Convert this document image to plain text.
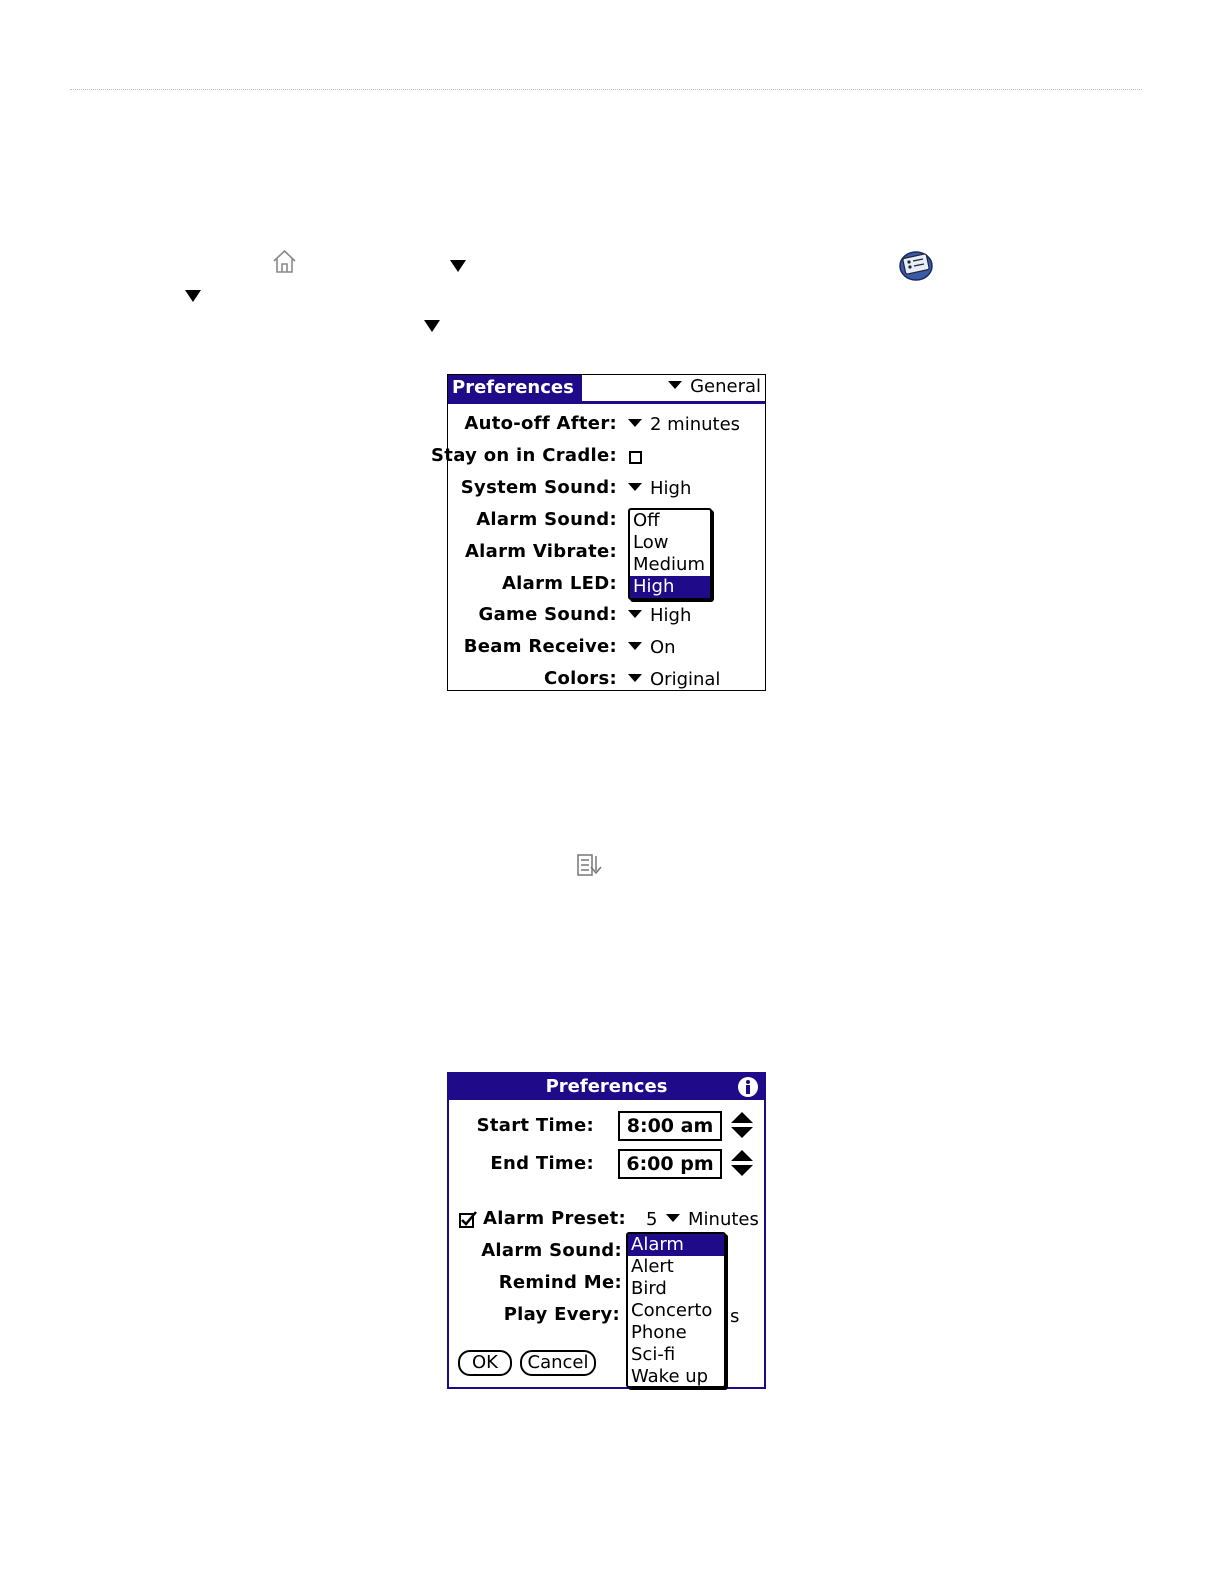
Preferences	General
Auto-off After:	2 minutes
Stay on in Cradle:
System Sound:	High
Alarm Sound:
Alarm Vibrate:
Alarm LED:
Off
Low
Medium
High
Game Sound:	High
Beam Receive:	On
Colors:	Original
Preferences
Start Time:	8:00 am
End Time:	6:00 pm
Alarm Preset: 5	Minutes
Alarm Sound:
Remind Me:
Play Every:	s
Alarm
Alert
Bird
Concerto
Phone
Sci-fi
Wake up
OK	Cancel
